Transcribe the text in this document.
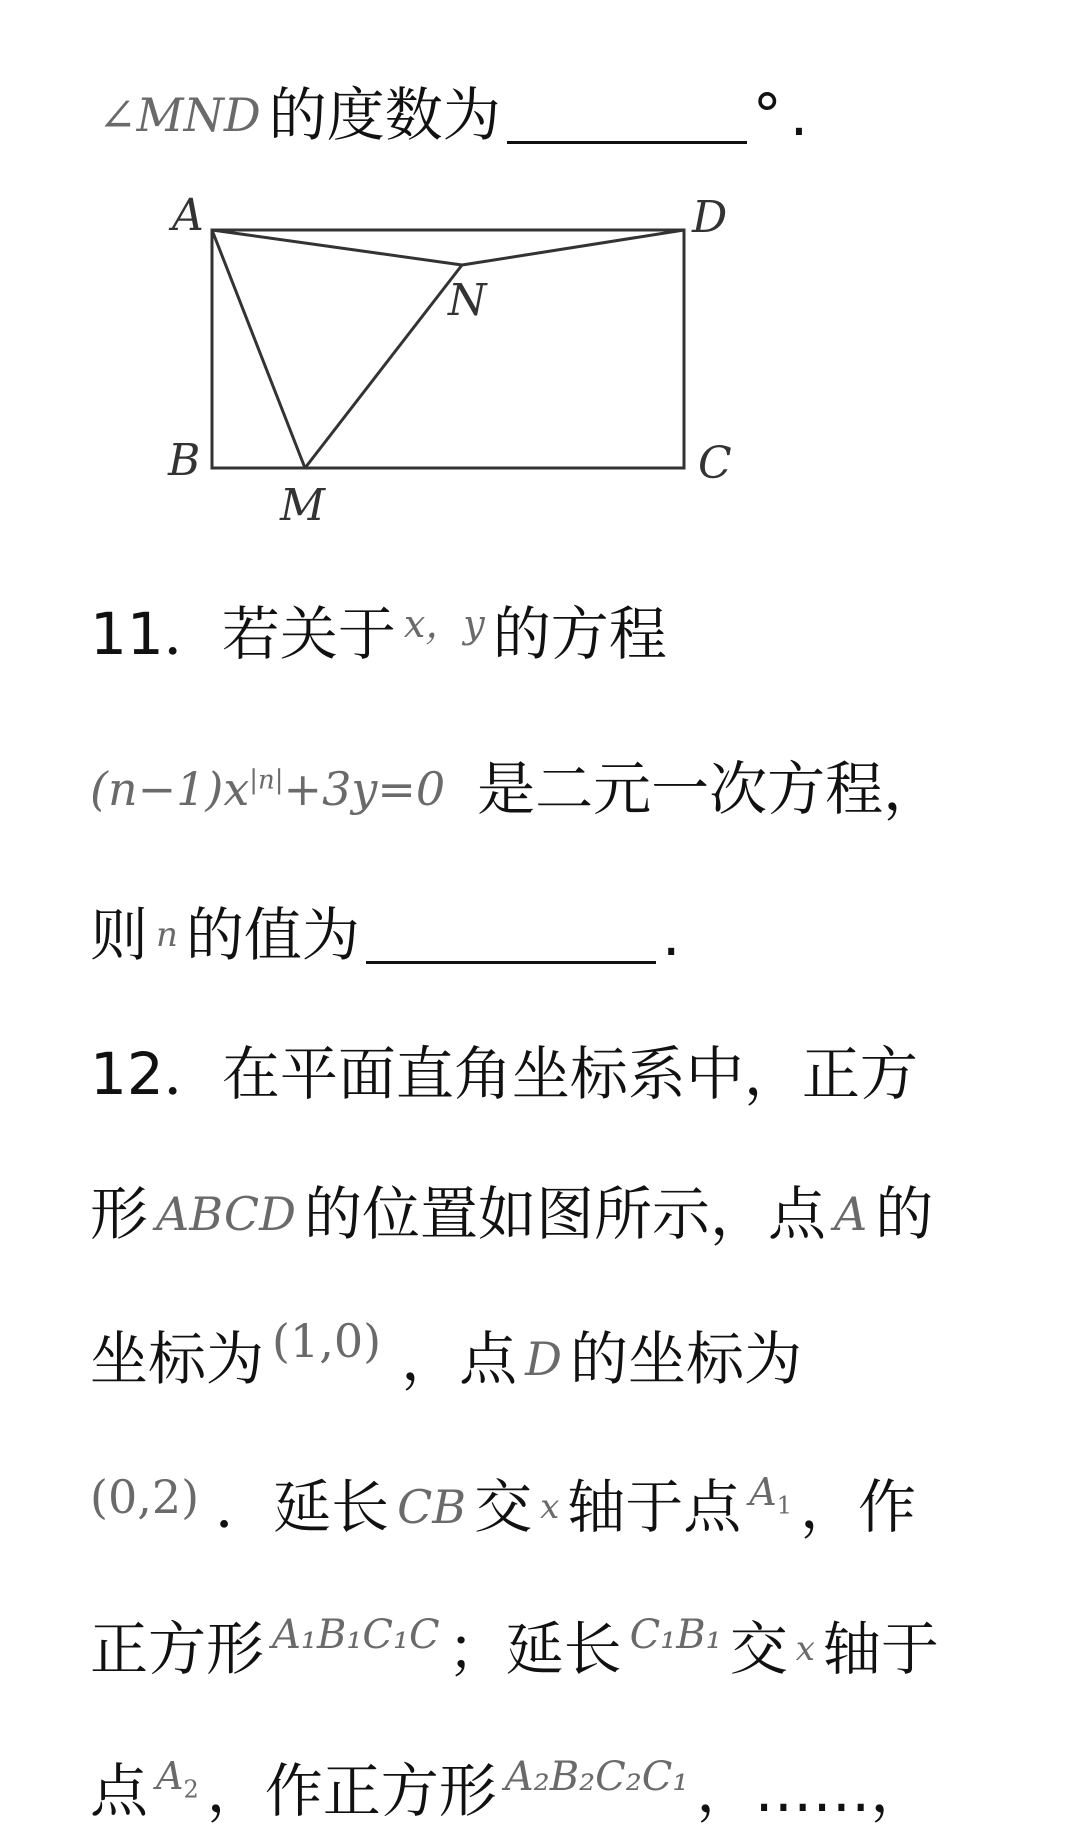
∠MND 的度数为	° .
A	D
N
B	C
M
11． 若关于 x，y 的方程
$(n-1)x^{|n|}+3y=0$ 是二元一次方程，
则 n 的值为	.
12． 在平面直角坐标系中，正方
形 ABCD 的位置如图所示，点 A 的
坐标为 (1,0) ，点 D 的坐标为
(0,2) ．延长 CB 交 x 轴于点 $A_1$ ，作
正方形 A₁B₁C₁C ；延长 C₁B₁ 交 x 轴于
点 $A_2$ ，作正方形 A₂B₂C₂C₁ ，……，
